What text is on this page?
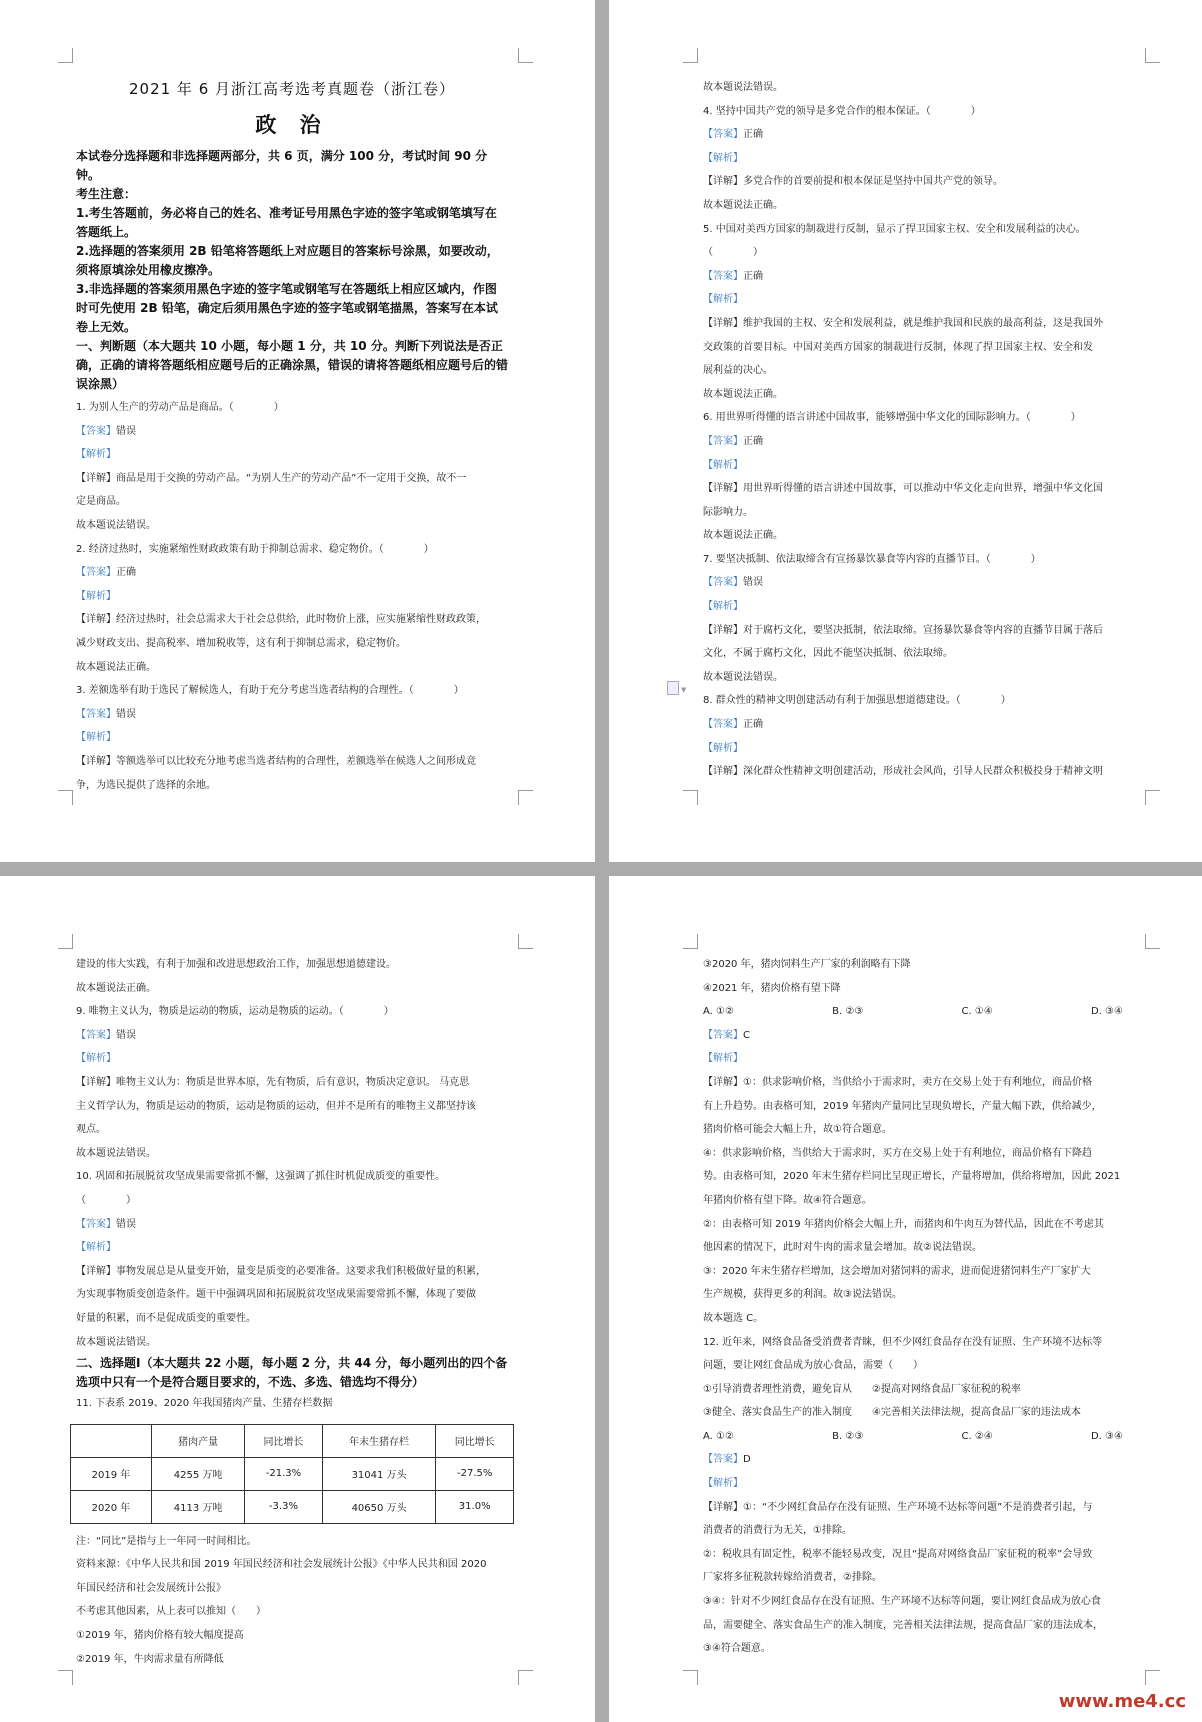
2021 年 6 月浙江高考选考真题卷（浙江卷）

政 治

本试卷分选择题和非选择题两部分，共 6 页，满分 100 分，考试时间 90 分钟。

考生注意：

1.考生答题前，务必将自己的姓名、准考证号用黑色字迹的签字笔或钢笔填写在答题纸上。

2.选择题的答案须用 2B 铅笔将答题纸上对应题目的答案标号涂黑，如要改动，须将原填涂处用橡皮擦净。

3.非选择题的答案须用黑色字迹的签字笔或钢笔写在答题纸上相应区域内，作图时可先使用 2B 铅笔，确定后须用黑色字迹的签字笔或钢笔描黑，答案写在本试卷上无效。

一、判断题（本大题共 10 小题，每小题 1 分，共 10 分。判断下列说法是否正确，正确的请将答题纸相应题号后的正确涂黑，错误的请将答题纸相应题号后的错误涂黑）

1. 为别人生产的劳动产品是商品。（　　　　）

【答案】错误

【解析】

【详解】商品是用于交换的劳动产品。“为别人生产的劳动产品”不一定用于交换，故不一

定是商品。

故本题说法错误。

2. 经济过热时，实施紧缩性财政政策有助于抑制总需求、稳定物价。（　　　　）

【答案】正确

【解析】

【详解】经济过热时，社会总需求大于社会总供给，此时物价上涨，应实施紧缩性财政政策，

减少财政支出、提高税率、增加税收等，这有利于抑制总需求，稳定物价。

故本题说法正确。

3. 差额选举有助于选民了解候选人，有助于充分考虑当选者结构的合理性。（　　　　）

【答案】错误

【解析】

【详解】等额选举可以比较充分地考虑当选者结构的合理性，差额选举在候选人之间形成竞

争，为选民提供了选择的余地。

▼

故本题说法错误。

4. 坚持中国共产党的领导是多党合作的根本保证。（　　　　）

【答案】正确

【解析】

【详解】多党合作的首要前提和根本保证是坚持中国共产党的领导。

故本题说法正确。

5. 中国对美西方国家的制裁进行反制，显示了捍卫国家主权、安全和发展利益的决心。

（　　　　）

【答案】正确

【解析】

【详解】维护我国的主权、安全和发展利益，就是维护我国和民族的最高利益，这是我国外

交政策的首要目标。中国对美西方国家的制裁进行反制，体现了捍卫国家主权、安全和发

展利益的决心。

故本题说法正确。

6. 用世界听得懂的语言讲述中国故事，能够增强中华文化的国际影响力。（　　　　）

【答案】正确

【解析】

【详解】用世界听得懂的语言讲述中国故事，可以推动中华文化走向世界，增强中华文化国

际影响力。

故本题说法正确。

7. 要坚决抵制、依法取缔含有宣扬暴饮暴食等内容的直播节目。（　　　　）

【答案】错误

【解析】

【详解】对于腐朽文化，要坚决抵制，依法取缔。宣扬暴饮暴食等内容的直播节目属于落后

文化，不属于腐朽文化，因此不能坚决抵制、依法取缔。

故本题说法错误。

8. 群众性的精神文明创建活动有利于加强思想道德建设。（　　　　）

【答案】正确

【解析】

【详解】深化群众性精神文明创建活动，形成社会风尚，引导人民群众积极投身于精神文明

建设的伟大实践，有利于加强和改进思想政治工作，加强思想道德建设。

故本题说法正确。

9. 唯物主义认为，物质是运动的物质，运动是物质的运动。（　　　　）

【答案】错误

【解析】

【详解】唯物主义认为：物质是世界本原，先有物质，后有意识，物质决定意识。 马克思

主义哲学认为，物质是运动的物质，运动是物质的运动，但并不是所有的唯物主义都坚持该

观点。

故本题说法错误。

10. 巩固和拓展脱贫攻坚成果需要常抓不懈，这强调了抓住时机促成质变的重要性。

（　　　　）

【答案】错误

【解析】

【详解】事物发展总是从量变开始，量变是质变的必要准备。这要求我们积极做好量的积累，

为实现事物质变创造条件。题干中强调巩固和拓展脱贫攻坚成果需要常抓不懈，体现了要做

好量的积累，而不是促成质变的重要性。

故本题说法错误。

二、选择题Ⅰ（本大题共 22 小题，每小题 2 分，共 44 分，每小题列出的四个备选项中只有一个是符合题目要求的，不选、多选、错选均不得分）

11. 下表系 2019、2020 年我国猪肉产量、生猪存栏数据

	猪肉产量	同比增长	年末生猪存栏	同比增长
2019 年	4255 万吨	-21.3%	31041 万头	-27.5%
2020 年	4113 万吨	-3.3%	40650 万头	31.0%

注：“同比”是指与上一年同一时间相比。

资料来源：《中华人民共和国 2019 年国民经济和社会发展统计公报》《中华人民共和国 2020

年国民经济和社会发展统计公报》

不考虑其他因素，从上表可以推知（　　）

①2019 年，猪肉价格有较大幅度提高

②2019 年，牛肉需求量有所降低

③2020 年，猪肉饲料生产厂家的利润略有下降

④2021 年，猪肉价格有望下降

A. ①②	B. ②③	C. ①④	D. ③④

【答案】C

【解析】

【详解】①：供求影响价格，当供给小于需求时，卖方在交易上处于有利地位，商品价格

有上升趋势。由表格可知，2019 年猪肉产量同比呈现负增长，产量大幅下跌，供给减少，

猪肉价格可能会大幅上升，故①符合题意。

④：供求影响价格，当供给大于需求时，买方在交易上处于有利地位，商品价格有下降趋

势。由表格可知，2020 年末生猪存栏同比呈现正增长，产量将增加，供给将增加，因此 2021

年猪肉价格有望下降。故④符合题意。

②：由表格可知 2019 年猪肉价格会大幅上升，而猪肉和牛肉互为替代品，因此在不考虑其

他因素的情况下，此时对牛肉的需求量会增加。故②说法错误。

③：2020 年末生猪存栏增加，这会增加对猪饲料的需求，进而促进猪饲料生产厂家扩大

生产规模，获得更多的利润。故③说法错误。

故本题选 C。

12. 近年来，网络食品备受消费者青睐，但不少网红食品存在没有证照、生产环境不达标等

问题，要让网红食品成为放心食品，需要（　　）

①引导消费者理性消费，避免盲从　　②提高对网络食品厂家征税的税率

③健全、落实食品生产的准入制度　　④完善相关法律法规，提高食品厂家的违法成本

A. ①②	B. ②③	C. ②④	D. ③④

【答案】D

【解析】

【详解】①：“不少网红食品存在没有证照、生产环境不达标等问题”不是消费者引起，与

消费者的消费行为无关，①排除。

②：税收具有固定性，税率不能轻易改变，况且“提高对网络食品厂家征税的税率”会导致

厂家将多征税款转嫁给消费者，②排除。

③④：针对不少网红食品存在没有证照、生产环境不达标等问题，要让网红食品成为放心食

品，需要健全、落实食品生产的准入制度，完善相关法律法规，提高食品厂家的违法成本，

③④符合题意。

www.me4.cc
